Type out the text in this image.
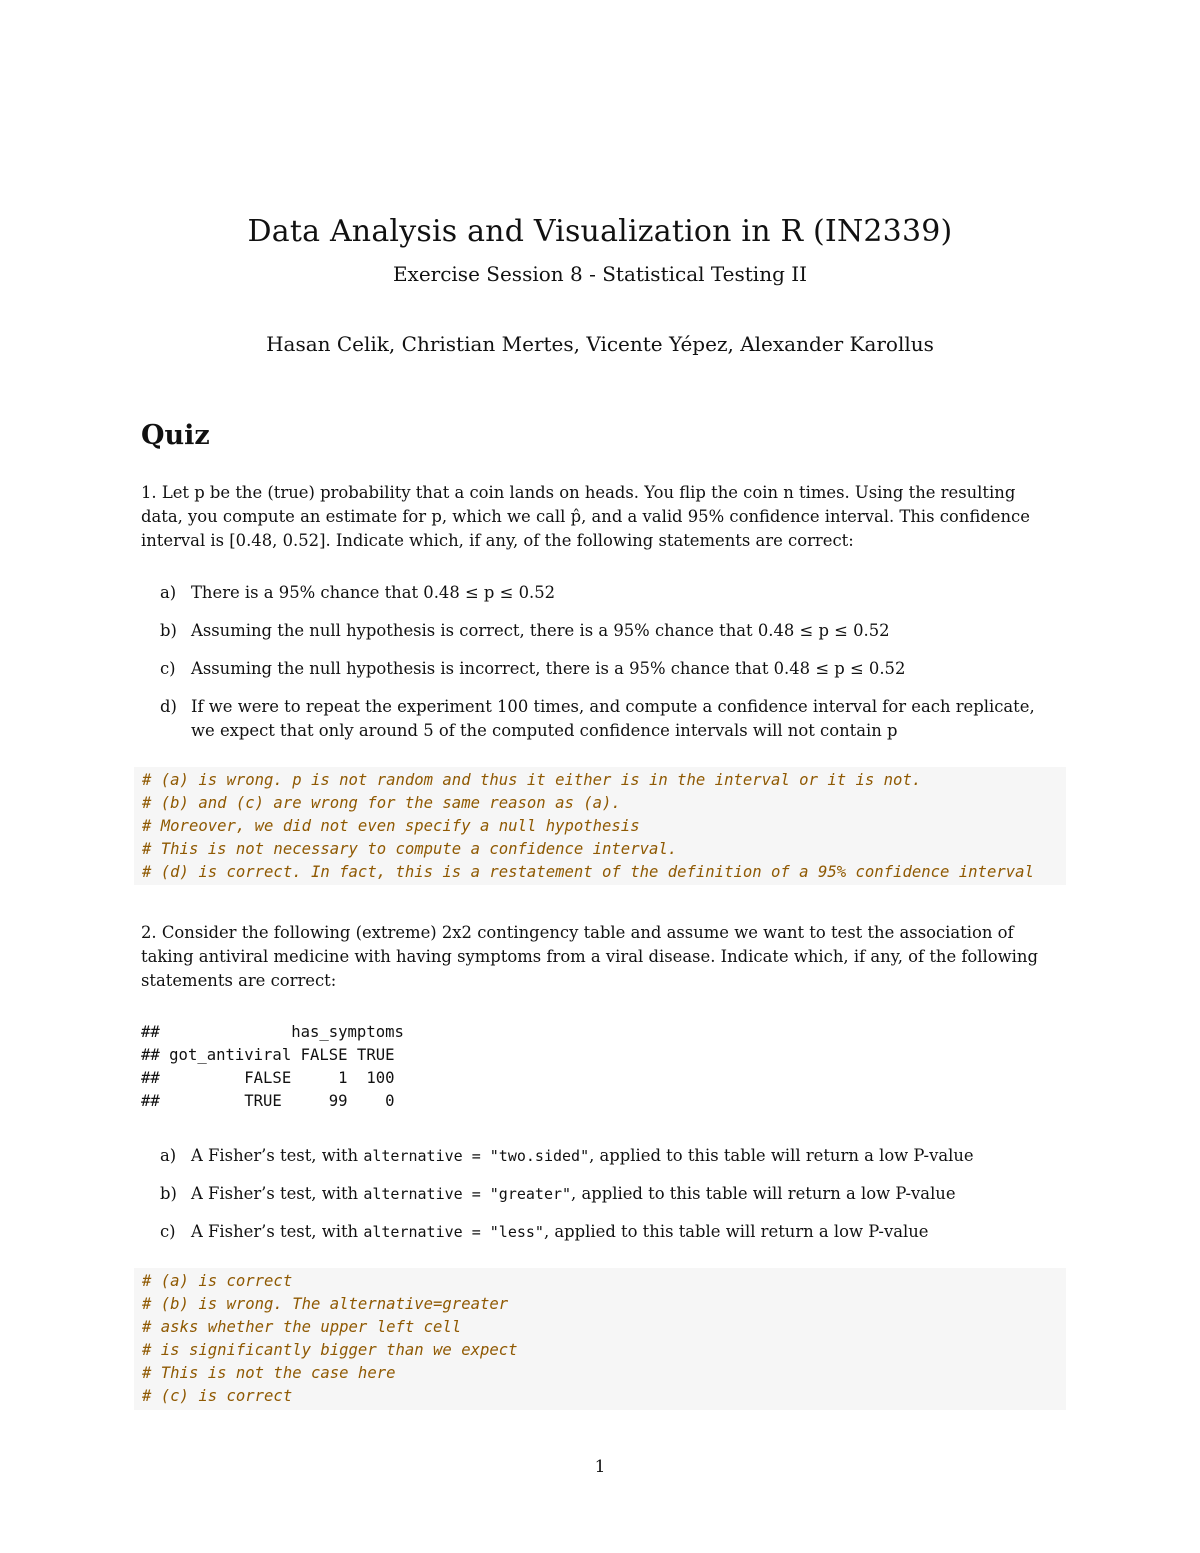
Data Analysis and Visualization in R (IN2339)
Exercise Session 8 - Statistical Testing II
Hasan Celik, Christian Mertes, Vicente Yépez, Alexander Karollus
Quiz
1. Let p be the (true) probability that a coin lands on heads. You flip the coin n times. Using the resulting
data, you compute an estimate for p, which we call p̂, and a valid 95% confidence interval. This confidence
interval is [0.48, 0.52]. Indicate which, if any, of the following statements are correct:
a) There is a 95% chance that 0.48 ≤ p ≤ 0.52
b) Assuming the null hypothesis is correct, there is a 95% chance that 0.48 ≤ p ≤ 0.52
c) Assuming the null hypothesis is incorrect, there is a 95% chance that 0.48 ≤ p ≤ 0.52
d) If we were to repeat the experiment 100 times, and compute a confidence interval for each replicate,
we expect that only around 5 of the computed confidence intervals will not contain p
# (a) is wrong. p is not random and thus it either is in the interval or it is not.
# (b) and (c) are wrong for the same reason as (a).
# Moreover, we did not even specify a null hypothesis
# This is not necessary to compute a confidence interval.
# (d) is correct. In fact, this is a restatement of the definition of a 95% confidence interval
2. Consider the following (extreme) 2x2 contingency table and assume we want to test the association of
taking antiviral medicine with having symptoms from a viral disease. Indicate which, if any, of the following
statements are correct:
##              has_symptoms
## got_antiviral FALSE TRUE
##         FALSE     1  100
##         TRUE     99    0
a) A Fisher’s test, with alternative = "two.sided", applied to this table will return a low P-value
b) A Fisher’s test, with alternative = "greater", applied to this table will return a low P-value
c) A Fisher’s test, with alternative = "less", applied to this table will return a low P-value
# (a) is correct
# (b) is wrong. The alternative=greater
# asks whether the upper left cell
# is significantly bigger than we expect
# This is not the case here
# (c) is correct
1
